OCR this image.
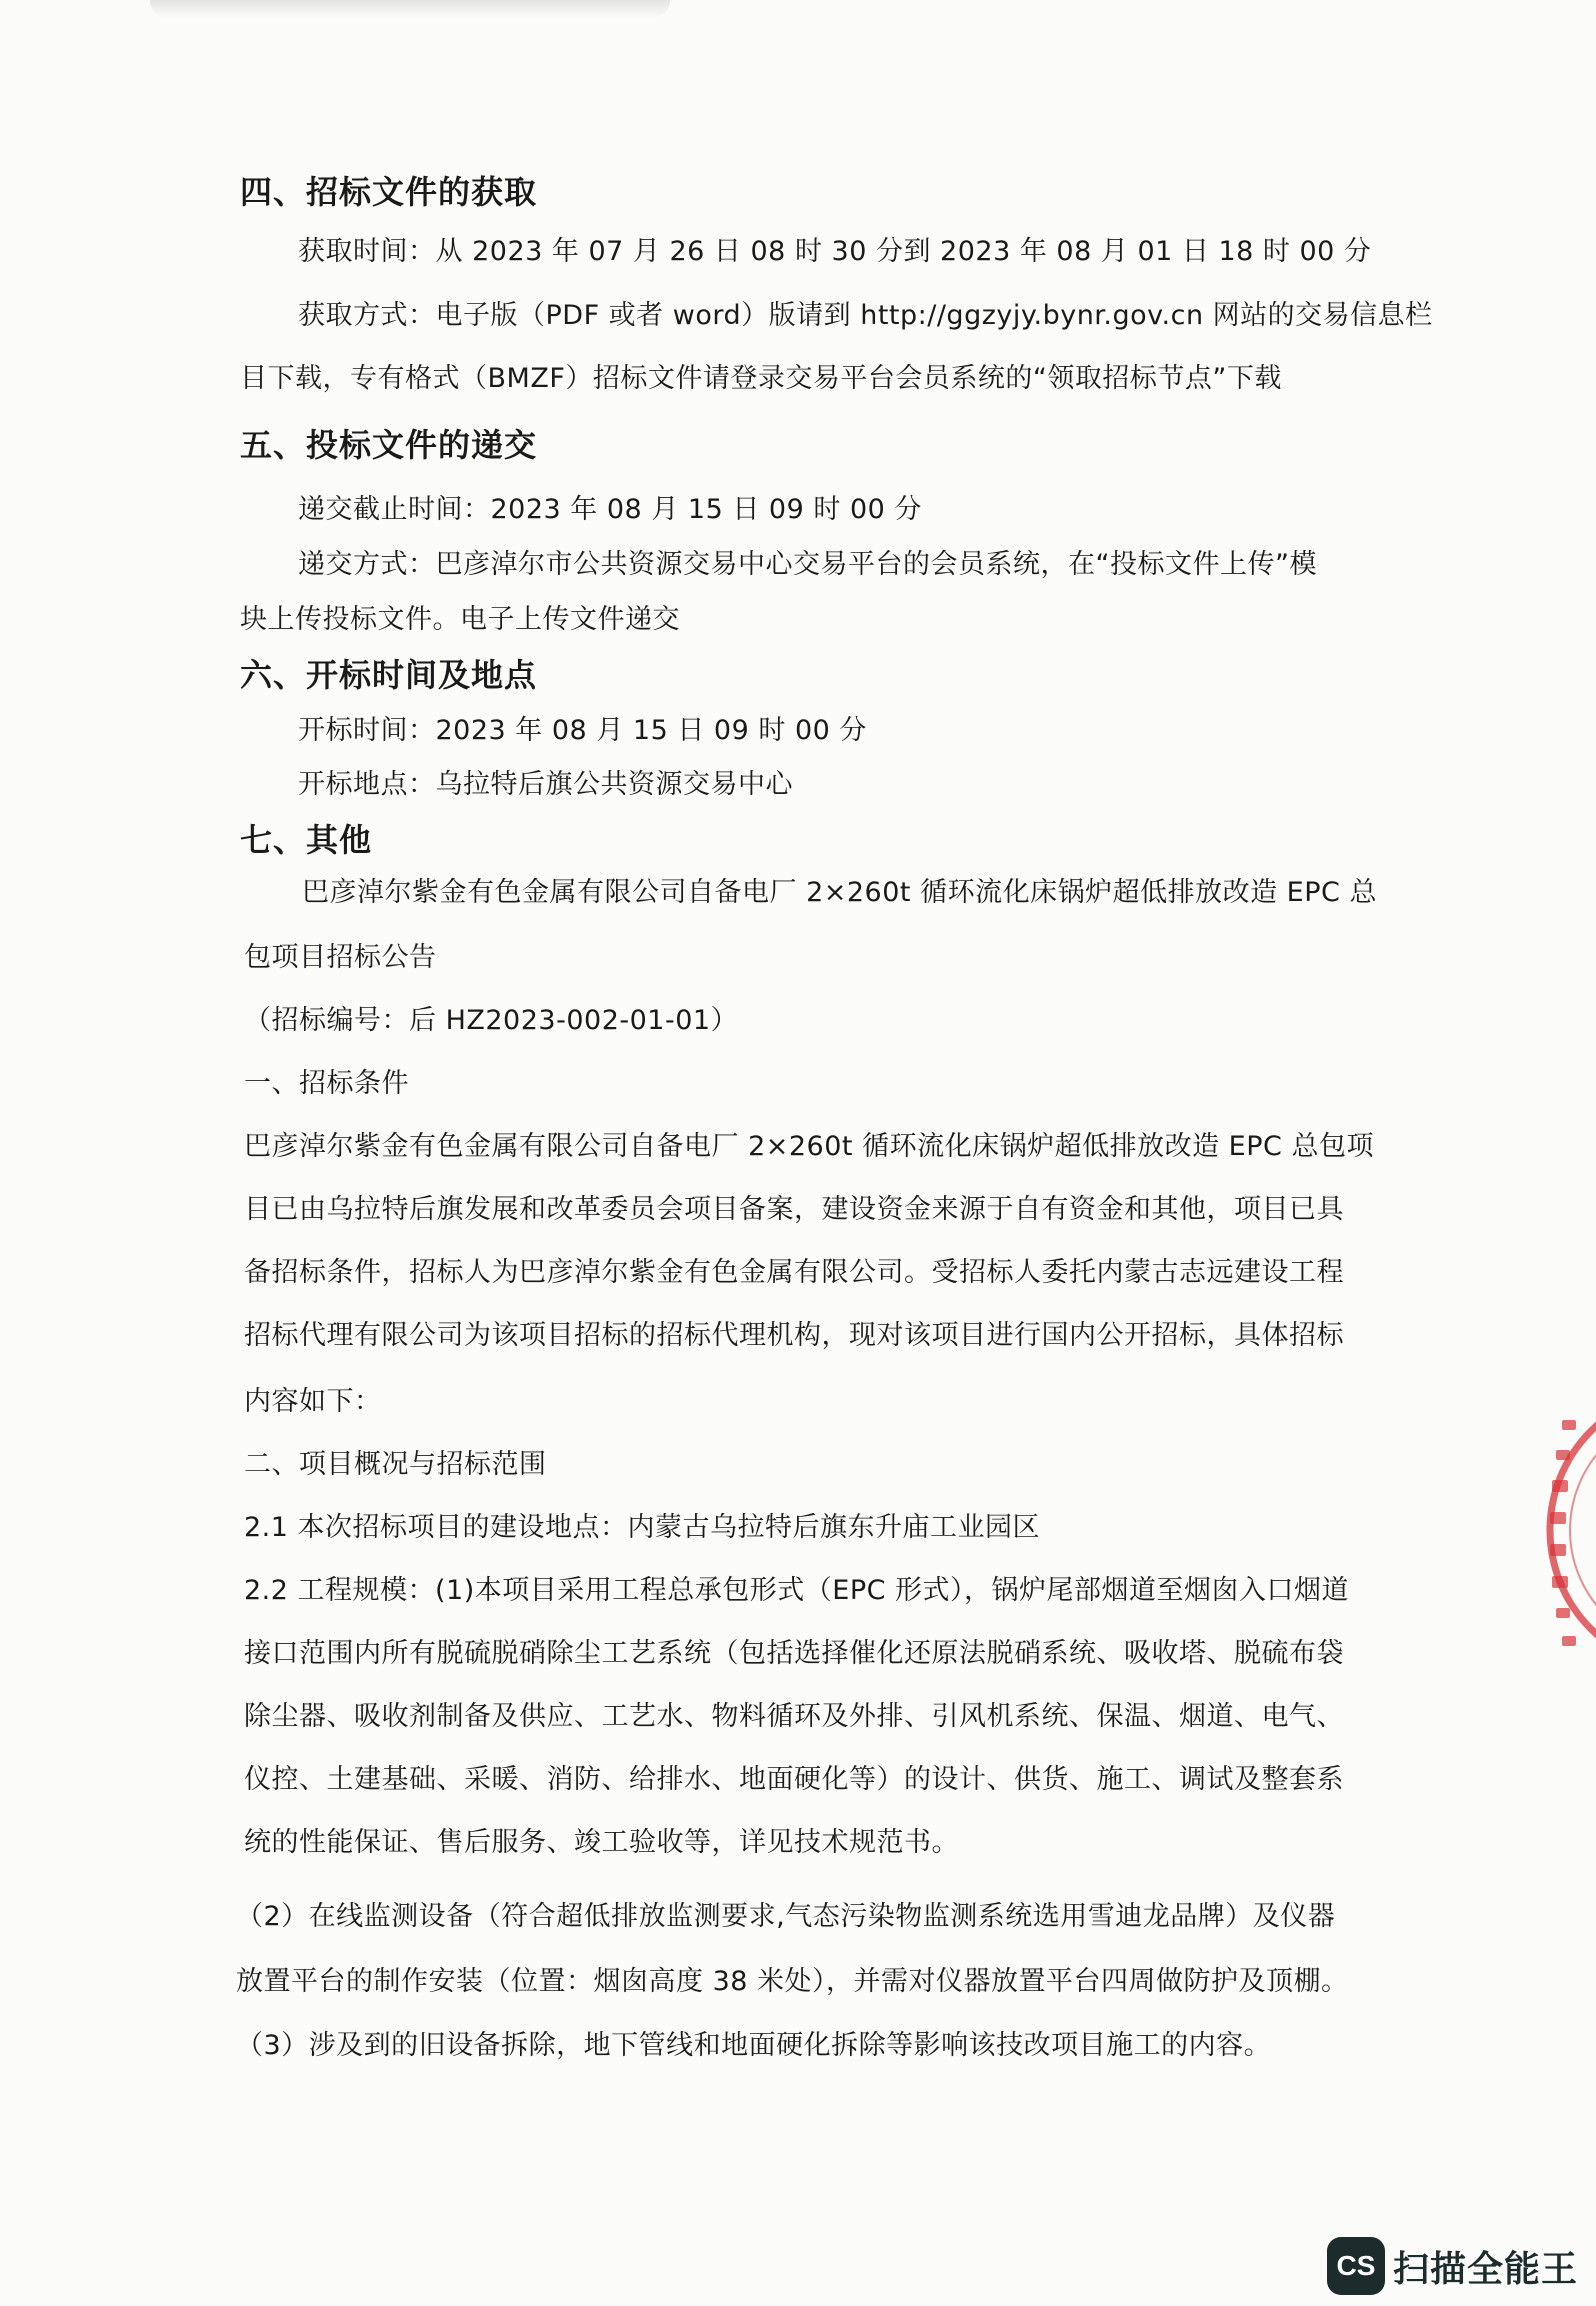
四、招标文件的获取
获取时间：从 2023 年 07 月 26 日 08 时 30 分到 2023 年 08 月 01 日 18 时 00 分
获取方式：电子版（PDF 或者 word）版请到 http://ggzyjy.bynr.gov.cn 网站的交易信息栏
目下载，专有格式（BMZF）招标文件请登录交易平台会员系统的“领取招标节点”下载
五、投标文件的递交
递交截止时间：2023 年 08 月 15 日 09 时 00 分
递交方式：巴彦淖尔市公共资源交易中心交易平台的会员系统，在“投标文件上传”模
块上传投标文件。电子上传文件递交
六、开标时间及地点
开标时间：2023 年 08 月 15 日 09 时 00 分
开标地点：乌拉特后旗公共资源交易中心
七、其他
巴彦淖尔紫金有色金属有限公司自备电厂 2×260t 循环流化床锅炉超低排放改造 EPC 总
包项目招标公告
（招标编号：后 HZ2023-002-01-01）
一、招标条件
巴彦淖尔紫金有色金属有限公司自备电厂 2×260t 循环流化床锅炉超低排放改造 EPC 总包项
目已由乌拉特后旗发展和改革委员会项目备案，建设资金来源于自有资金和其他，项目已具
备招标条件，招标人为巴彦淖尔紫金有色金属有限公司。受招标人委托内蒙古志远建设工程
招标代理有限公司为该项目招标的招标代理机构，现对该项目进行国内公开招标，具体招标
内容如下：
二、项目概况与招标范围
2.1 本次招标项目的建设地点：内蒙古乌拉特后旗东升庙工业园区
2.2 工程规模：(1)本项目采用工程总承包形式（EPC 形式），锅炉尾部烟道至烟囱入口烟道
接口范围内所有脱硫脱硝除尘工艺系统（包括选择催化还原法脱硝系统、吸收塔、脱硫布袋
除尘器、吸收剂制备及供应、工艺水、物料循环及外排、引风机系统、保温、烟道、电气、
仪控、土建基础、采暖、消防、给排水、地面硬化等）的设计、供货、施工、调试及整套系
统的性能保证、售后服务、竣工验收等，详见技术规范书。
（2）在线监测设备（符合超低排放监测要求,气态污染物监测系统选用雪迪龙品牌）及仪器
放置平台的制作安装（位置：烟囱高度 38 米处），并需对仪器放置平台四周做防护及顶棚。
（3）涉及到的旧设备拆除，地下管线和地面硬化拆除等影响该技改项目施工的内容。
CS 扫描全能王
